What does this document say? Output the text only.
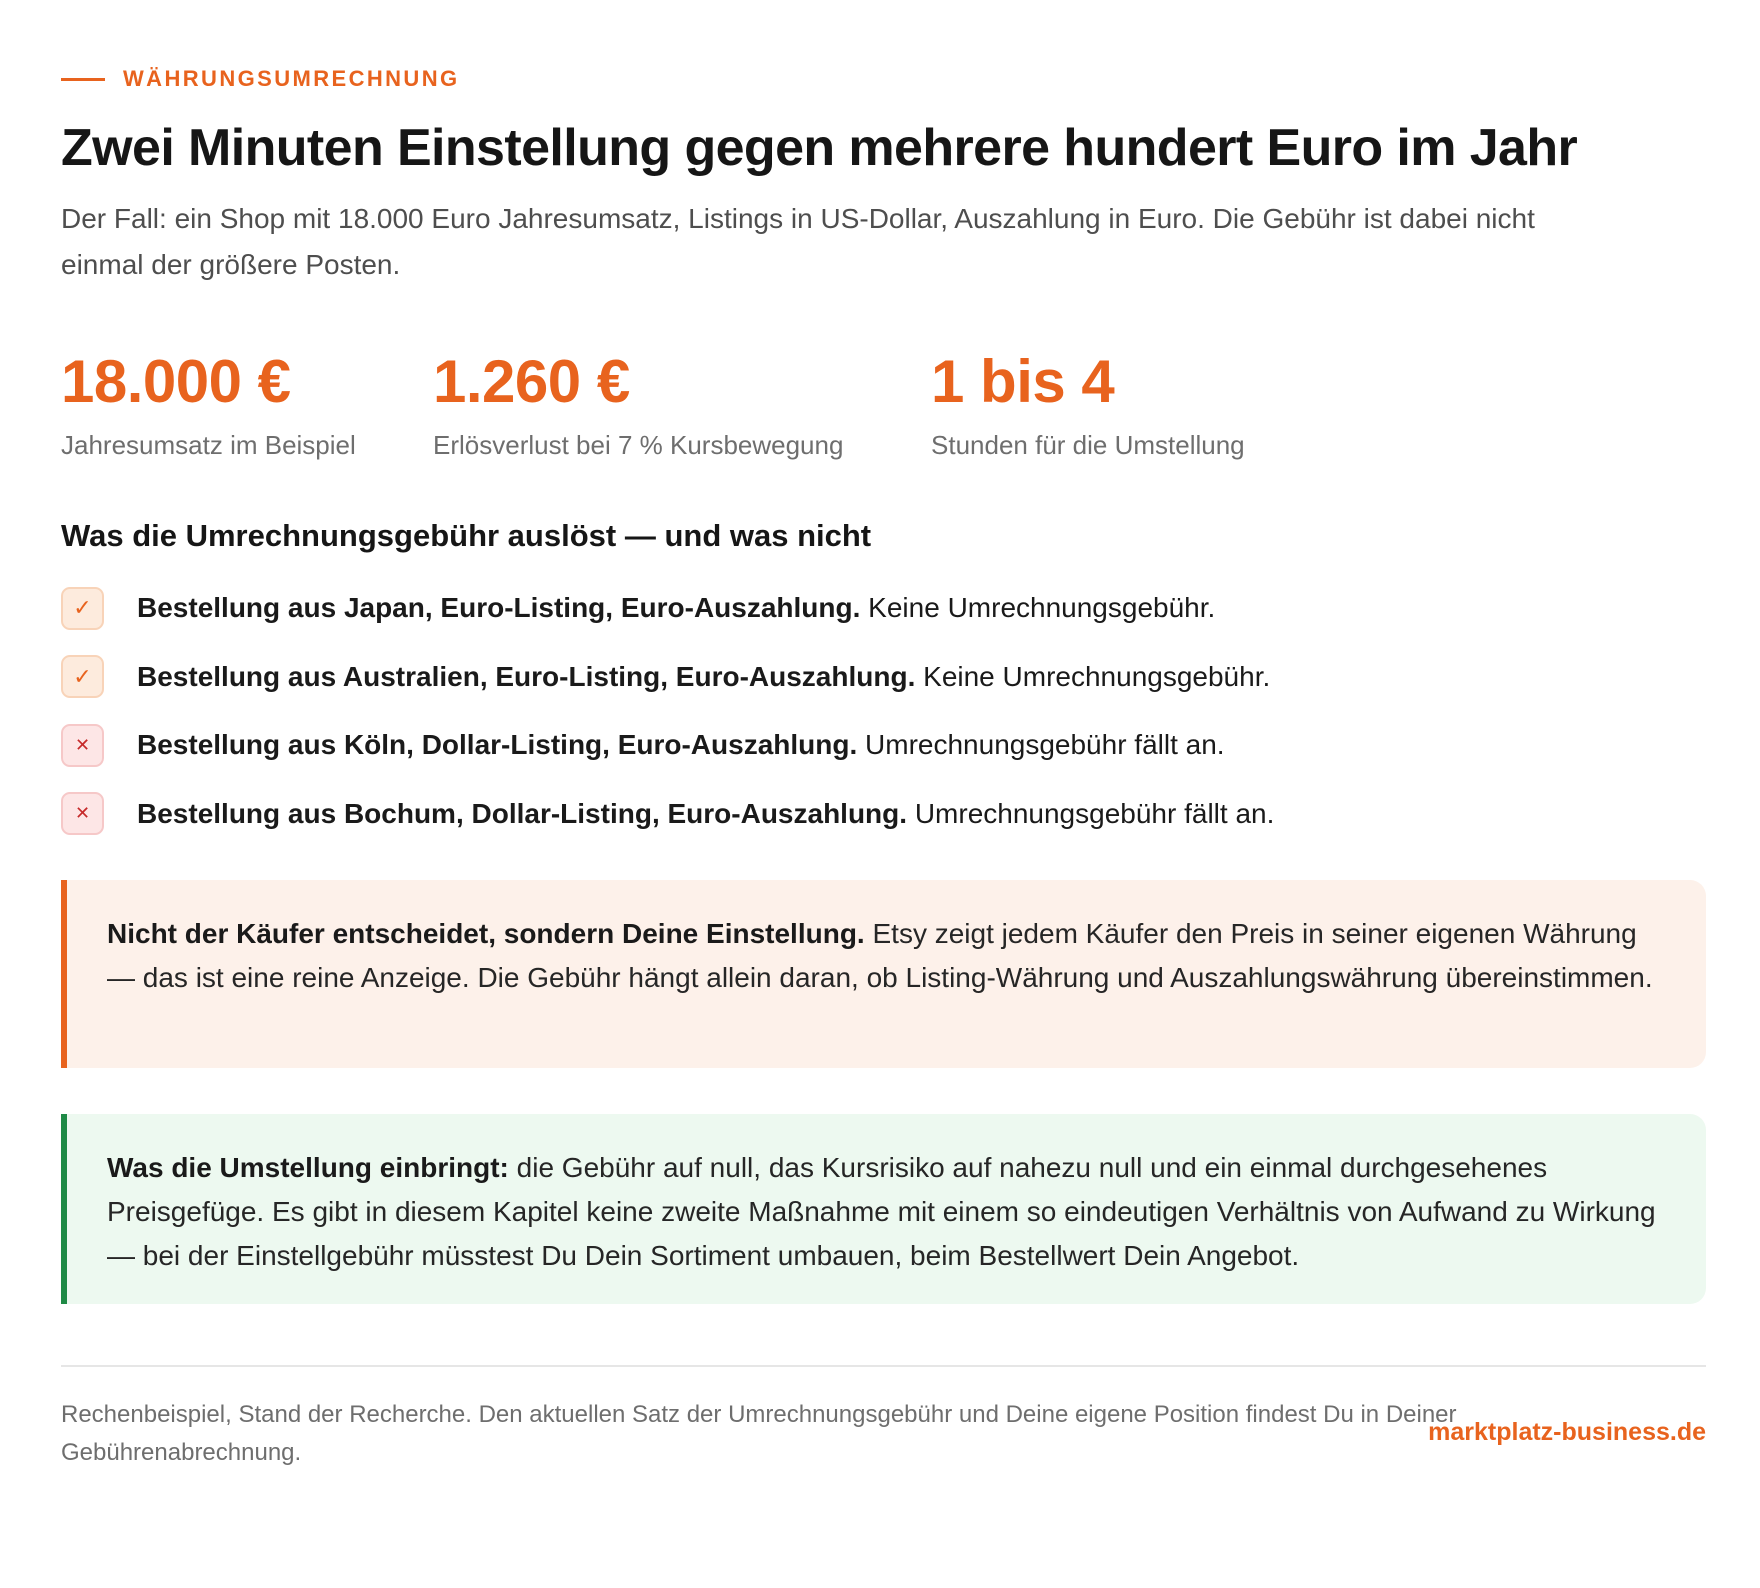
WÄHRUNGSUMRECHNUNG
Zwei Minuten Einstellung gegen mehrere hundert Euro im Jahr

Der Fall: ein Shop mit 18.000 Euro Jahresumsatz, Listings in US-Dollar, Auszahlung in Euro. Die Gebühr ist dabei nicht einmal der größere Posten.

18.000 €
Jahresumsatz im Beispiel
1.260 €
Erlösverlust bei 7 % Kursbewegung
1 bis 4
Stunden für die Umstellung
Was die Umrechnungsgebühr auslöst — und was nicht
✓	Bestellung aus Japan, Euro-Listing, Euro-Auszahlung. Keine Umrechnungsgebühr.
✓	Bestellung aus Australien, Euro-Listing, Euro-Auszahlung. Keine Umrechnungsgebühr.
✕	Bestellung aus Köln, Dollar-Listing, Euro-Auszahlung. Umrechnungsgebühr fällt an.
✕	Bestellung aus Bochum, Dollar-Listing, Euro-Auszahlung. Umrechnungsgebühr fällt an.
Nicht der Käufer entscheidet, sondern Deine Einstellung. Etsy zeigt jedem Käufer den Preis in seiner eigenen Währung — das ist eine reine Anzeige. Die Gebühr hängt allein daran, ob Listing-Währung und Auszahlungswährung übereinstimmen.
Was die Umstellung einbringt: die Gebühr auf null, das Kursrisiko auf nahezu null und ein einmal durchgesehenes Preisgefüge. Es gibt in diesem Kapitel keine zweite Maßnahme mit einem so eindeutigen Verhältnis von Aufwand zu Wirkung — bei der Einstellgebühr müsstest Du Dein Sortiment umbauen, beim Bestellwert Dein Angebot.

Rechenbeispiel, Stand der Recherche. Den aktuellen Satz der Umrechnungsgebühr und Deine eigene Position findest Du in Deiner Gebührenabrechnung.

marktplatz-business.de
